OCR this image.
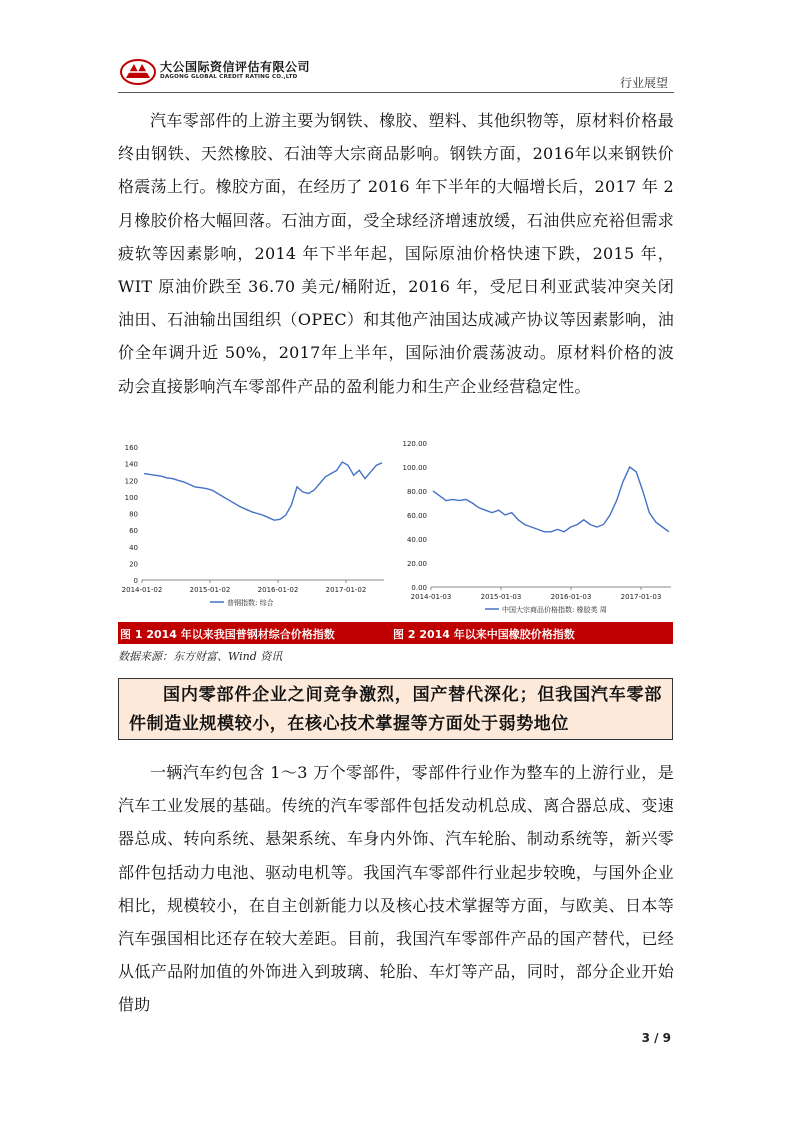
大公国际资信评估有限公司
DAGONG GLOBAL CREDIT RATING CO.,LTD	行业展望

汽车零部件的上游主要为钢铁、橡胶、塑料、其他织物等，原材料价格最终由钢铁、天然橡胶、石油等大宗商品影响。钢铁方面，2016年以来钢铁价格震荡上行。橡胶方面，在经历了 2016 年下半年的大幅增长后，2017 年 2 月橡胶价格大幅回落。石油方面，受全球经济增速放缓，石油供应充裕但需求疲软等因素影响，2014 年下半年起，国际原油价格快速下跌，2015 年，WIT 原油价跌至 36.70 美元/桶附近，2016 年，受尼日利亚武装冲突关闭油田、石油输出国组织（OPEC）和其他产油国达成减产协议等因素影响，油价全年调升近 50%，2017年上半年，国际油价震荡波动。原材料价格的波动会直接影响汽车零部件产品的盈利能力和生产企业经营稳定性。

160
140
120
100
80
60
40
20
0
2014-01-02	2015-01-02	2016-01-02	2017-01-02
普钢指数: 综合
120.00
100.00
80.00
60.00
40.00
20.00
0.00
2014-01-03	2015-01-03	2016-01-03	2017-01-03
中国大宗商品价格指数: 橡胶类 周
图 1 2014 年以来我国普钢材综合价格指数	图 2 2014 年以来中国橡胶价格指数
数据来源：东方财富、Wind 资讯

国内零部件企业之间竞争激烈，国产替代深化；但我国汽车零部件制造业规模较小，在核心技术掌握等方面处于弱势地位

一辆汽车约包含 1～3 万个零部件，零部件行业作为整车的上游行业，是汽车工业发展的基础。传统的汽车零部件包括发动机总成、离合器总成、变速器总成、转向系统、悬架系统、车身内外饰、汽车轮胎、制动系统等，新兴零部件包括动力电池、驱动电机等。我国汽车零部件行业起步较晚，与国外企业相比，规模较小，在自主创新能力以及核心技术掌握等方面，与欧美、日本等汽车强国相比还存在较大差距。目前，我国汽车零部件产品的国产替代，已经从低产品附加值的外饰进入到玻璃、轮胎、车灯等产品，同时，部分企业开始借助

3 / 9
